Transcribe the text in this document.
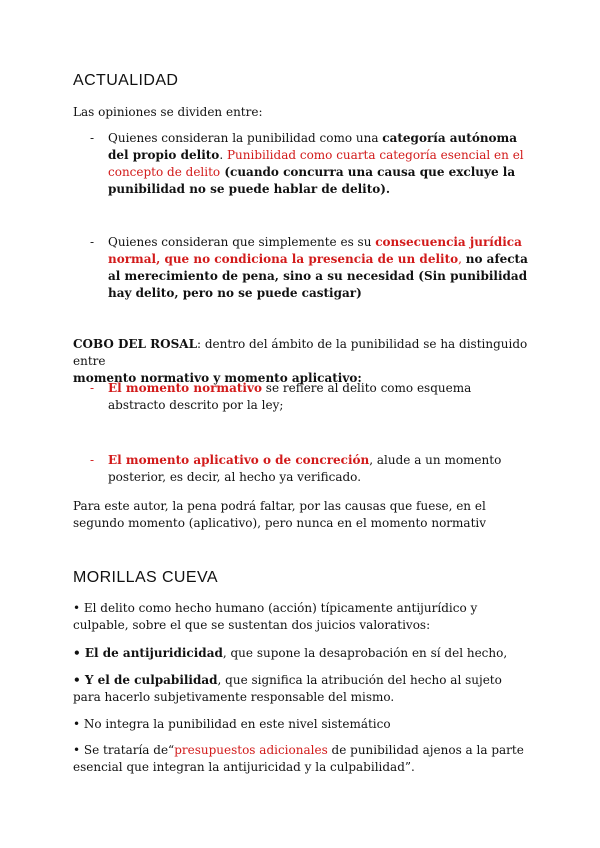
ACTUALIDAD

Las opiniones se dividen entre:

- Quienes consideran la punibilidad como una categoría autónoma del propio delito. Punibilidad como cuarta categoría esencial en el concepto de delito (cuando concurra una causa que excluye la punibilidad no se puede hablar de delito).
- Quienes consideran que simplemente es su consecuencia jurídica normal, que no condiciona la presencia de un delito, no afecta al merecimiento de pena, sino a su necesidad (Sin punibilidad hay delito, pero no se puede castigar)

COBO DEL ROSAL: dentro del ámbito de la punibilidad se ha distinguido entre
momento normativo y momento aplicativo:

- El momento normativo se refiere al delito como esquema abstracto descrito por la ley;
- El momento aplicativo o de concreción, alude a un momento posterior, es decir, al hecho ya verificado.

Para este autor, la pena podrá faltar, por las causas que fuese, en el segundo momento (aplicativo), pero nunca en el momento normativ

MORILLAS CUEVA

• El delito como hecho humano (acción) típicamente antijurídico y culpable, sobre el que se sustentan dos juicios valorativos:

• El de antijuridicidad, que supone la desaprobación en sí del hecho,

• Y el de culpabilidad, que significa la atribución del hecho al sujeto para hacerlo subjetivamente responsable del mismo.

• No integra la punibilidad en este nivel sistemático

• Se trataría de“presupuestos adicionales de punibilidad ajenos a la parte esencial que integran la antijuricidad y la culpabilidad”.
